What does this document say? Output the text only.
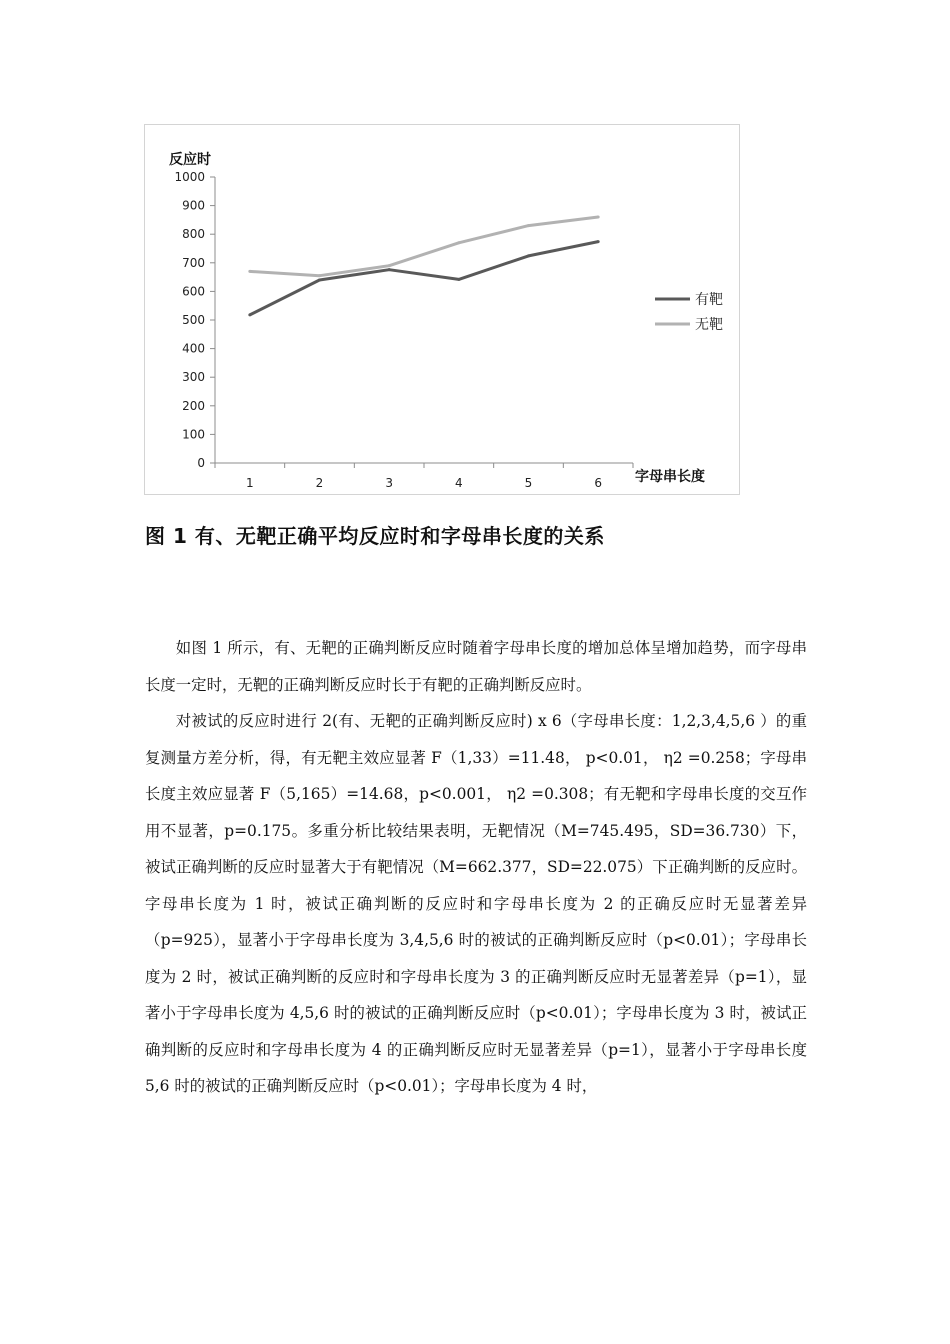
0
100
200
300
400
500
600
700
800
900
1000
1	2	3	4	5	6
反应时
字母串长度
有靶
无靶
图 1 有、无靶正确平均反应时和字母串长度的关系

如图 1 所示，有、无靶的正确判断反应时随着字母串长度的增加总体呈增加趋势，而字母串长度一定时，无靶的正确判断反应时长于有靶的正确判断反应时。

对被试的反应时进行 2(有、无靶的正确判断反应时) x 6（字母串长度：1,2,3,4,5,6 ）的重复测量方差分析，得，有无靶主效应显著 F（1,33）=11.48， p<0.01， η2 =0.258；字母串长度主效应显著 F（5,165）=14.68，p<0.001， η2 =0.308；有无靶和字母串长度的交互作用不显著，p=0.175。多重分析比较结果表明，无靶情况（M=745.495，SD=36.730）下，被试正确判断的反应时显著大于有靶情况（M=662.377，SD=22.075）下正确判断的反应时。字母串长度为 1 时，被试正确判断的反应时和字母串长度为 2 的正确反应时无显著差异（p=925），显著小于字母串长度为 3,4,5,6 时的被试的正确判断反应时（p<0.01）；字母串长度为 2 时，被试正确判断的反应时和字母串长度为 3 的正确判断反应时无显著差异（p=1），显著小于字母串长度为 4,5,6 时的被试的正确判断反应时（p<0.01）；字母串长度为 3 时，被试正确判断的反应时和字母串长度为 4 的正确判断反应时无显著差异（p=1），显著小于字母串长度 5,6 时的被试的正确判断反应时（p<0.01）；字母串长度为 4 时，
